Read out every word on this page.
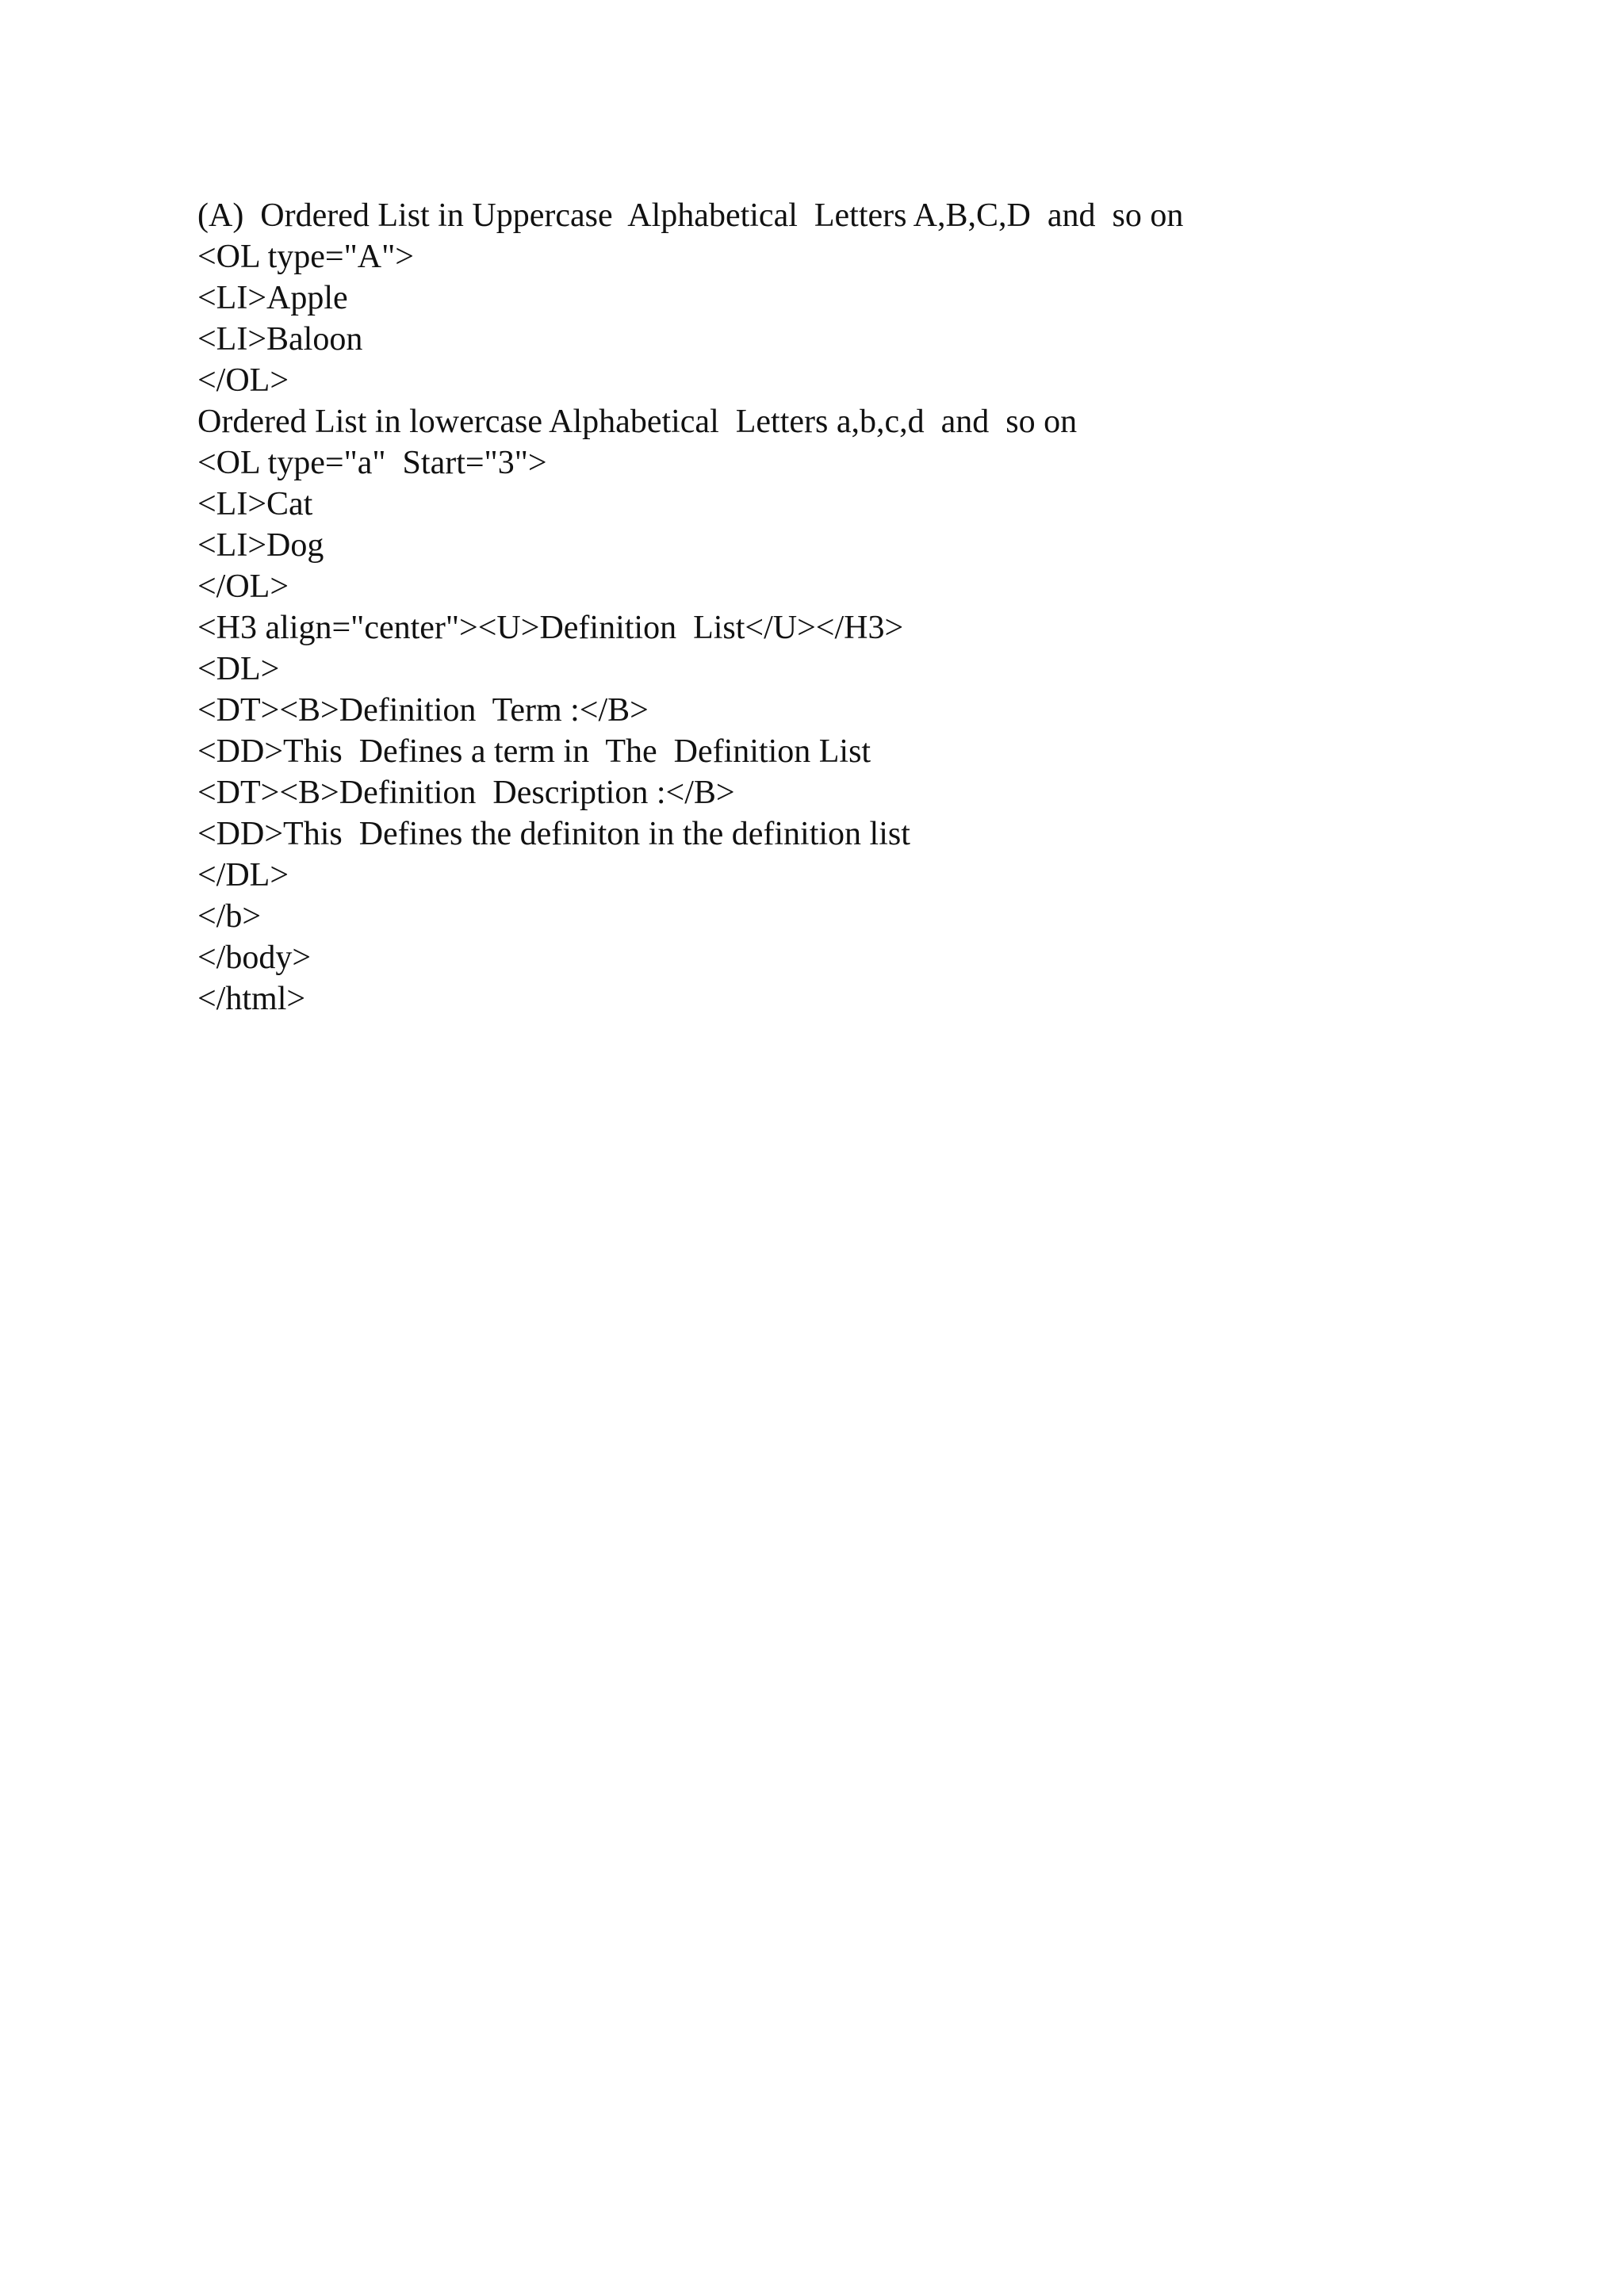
(A)  Ordered List in Uppercase  Alphabetical  Letters A,B,C,D  and  so on
<OL type="A">
<LI>Apple
<LI>Baloon
</OL>
Ordered List in lowercase Alphabetical  Letters a,b,c,d  and  so on
<OL type="a"  Start="3">
<LI>Cat
<LI>Dog
</OL>
<H3 align="center"><U>Definition  List</U></H3>
<DL>
<DT><B>Definition  Term :</B>
<DD>This  Defines a term in  The  Definition List
<DT><B>Definition  Description :</B>
<DD>This  Defines the definiton in the definition list
</DL>
</b>
</body>
</html>
